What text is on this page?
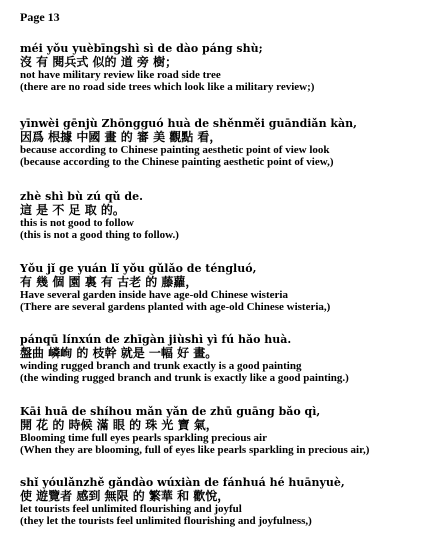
Page 13
méi yǒu yuèbīngshì sì de dào páng shù;
沒 有 閱兵式 似的 道 旁 樹；
not have military review like road side tree
(there are no road side trees which look like a military review;)
yīnwèi gēnjù Zhōngguó huà de shěnměi guāndiǎn kàn,
因爲 根據 中國 畫 的 審 美 觀點 看，
because according to Chinese painting aesthetic point of view look
(because according to the Chinese painting aesthetic point of view,)
zhè shì bù zú qǔ de.
這 是 不 足 取 的。
this is not good to follow
(this is not a good thing to follow.)
Yǒu jǐ ge yuán lǐ yǒu gǔlǎo de téngluó,
有 幾 個 園 裏 有 古老 的 藤蘿，
Have several garden inside have age-old Chinese wisteria
(There are several gardens planted with age-old Chinese wisteria,)
pánqū línxún de zhīgàn jiùshì yì fú hǎo huà.
盤曲 嶙峋 的 枝幹 就是 一幅 好 畫。
winding rugged branch and trunk exactly is a good painting
(the winding rugged branch and trunk is exactly like a good painting.)
Kāi huā de shíhou mǎn yǎn de zhū guāng bǎo qì,
開 花 的 時候 滿 眼 的 珠 光 寶 氣，
Blooming time full eyes pearls sparkling precious air
(When they are blooming, full of eyes like pearls sparkling in precious air,)
shǐ yóulǎnzhě gǎndào wúxiàn de fánhuá hé huānyuè,
使 遊覽者 感到 無限 的 繁華 和 歡悅，
let tourists feel unlimited flourishing and joyful
(they let the tourists feel unlimited flourishing and joyfulness,)
